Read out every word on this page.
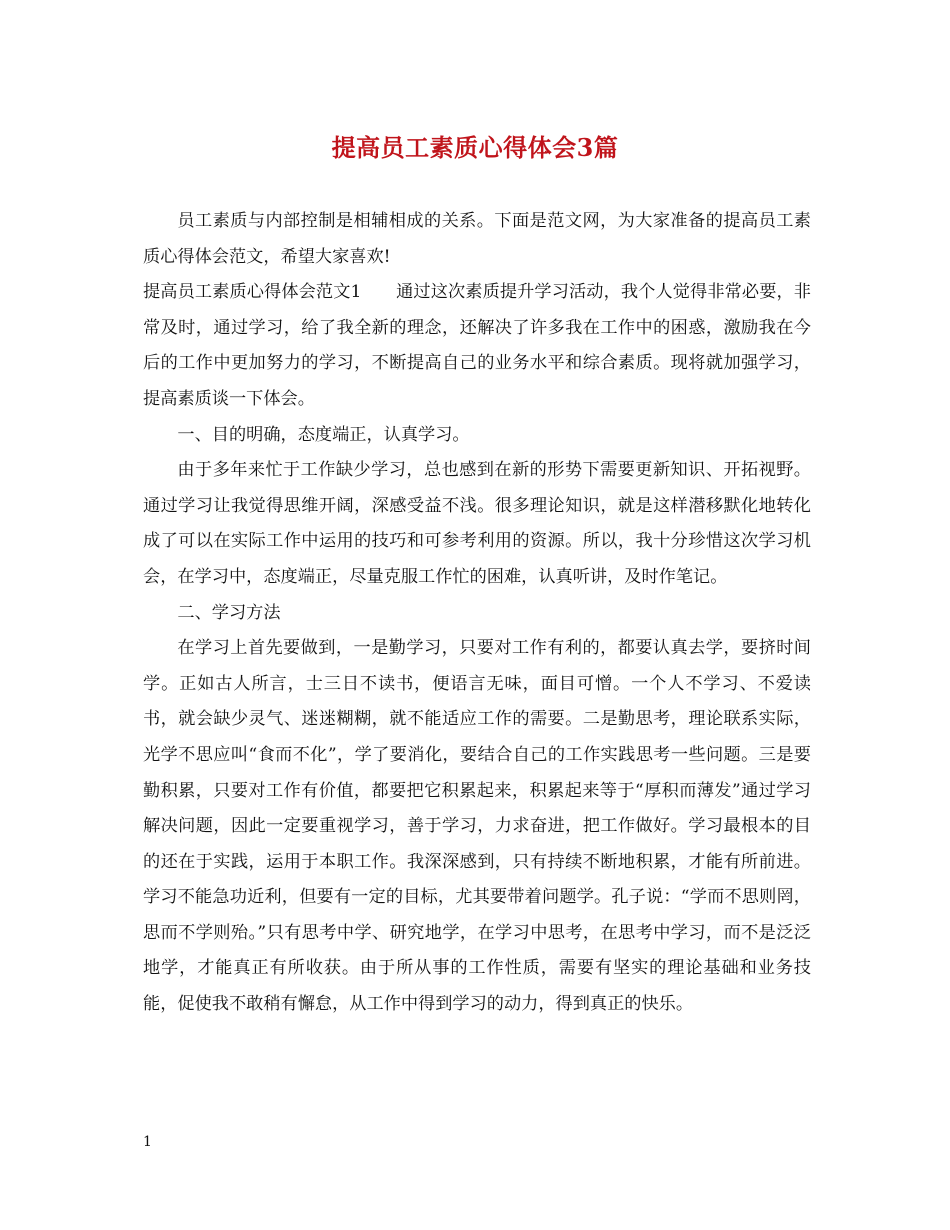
提高员工素质心得体会3篇

员工素质与内部控制是相辅相成的关系。下面是范文网，为大家准备的提高员工素质心得体会范文，希望大家喜欢!

提高员工素质心得体会范文1　　通过这次素质提升学习活动，我个人觉得非常必要，非常及时，通过学习，给了我全新的理念，还解决了许多我在工作中的困惑，激励我在今后的工作中更加努力的学习，不断提高自己的业务水平和综合素质。现将就加强学习，提高素质谈一下体会。

一、目的明确，态度端正，认真学习。

由于多年来忙于工作缺少学习，总也感到在新的形势下需要更新知识、开拓视野。通过学习让我觉得思维开阔，深感受益不浅。很多理论知识，就是这样潜移默化地转化成了可以在实际工作中运用的技巧和可参考利用的资源。所以，我十分珍惜这次学习机会，在学习中，态度端正，尽量克服工作忙的困难，认真听讲，及时作笔记。

二、学习方法

在学习上首先要做到，一是勤学习，只要对工作有利的，都要认真去学，要挤时间学。正如古人所言，士三日不读书，便语言无味，面目可憎。一个人不学习、不爱读书，就会缺少灵气、迷迷糊糊，就不能适应工作的需要。二是勤思考，理论联系实际，光学不思应叫“食而不化”，学了要消化，要结合自己的工作实践思考一些问题。三是要勤积累，只要对工作有价值，都要把它积累起来，积累起来等于“厚积而薄发”通过学习解决问题，因此一定要重视学习，善于学习，力求奋进，把工作做好。学习最根本的目的还在于实践，运用于本职工作。我深深感到，只有持续不断地积累，才能有所前进。学习不能急功近利，但要有一定的目标，尤其要带着问题学。孔子说：“学而不思则罔，思而不学则殆。”只有思考中学、研究地学，在学习中思考，在思考中学习，而不是泛泛地学，才能真正有所收获。由于所从事的工作性质，需要有坚实的理论基础和业务技能，促使我不敢稍有懈怠，从工作中得到学习的动力，得到真正的快乐。

1
